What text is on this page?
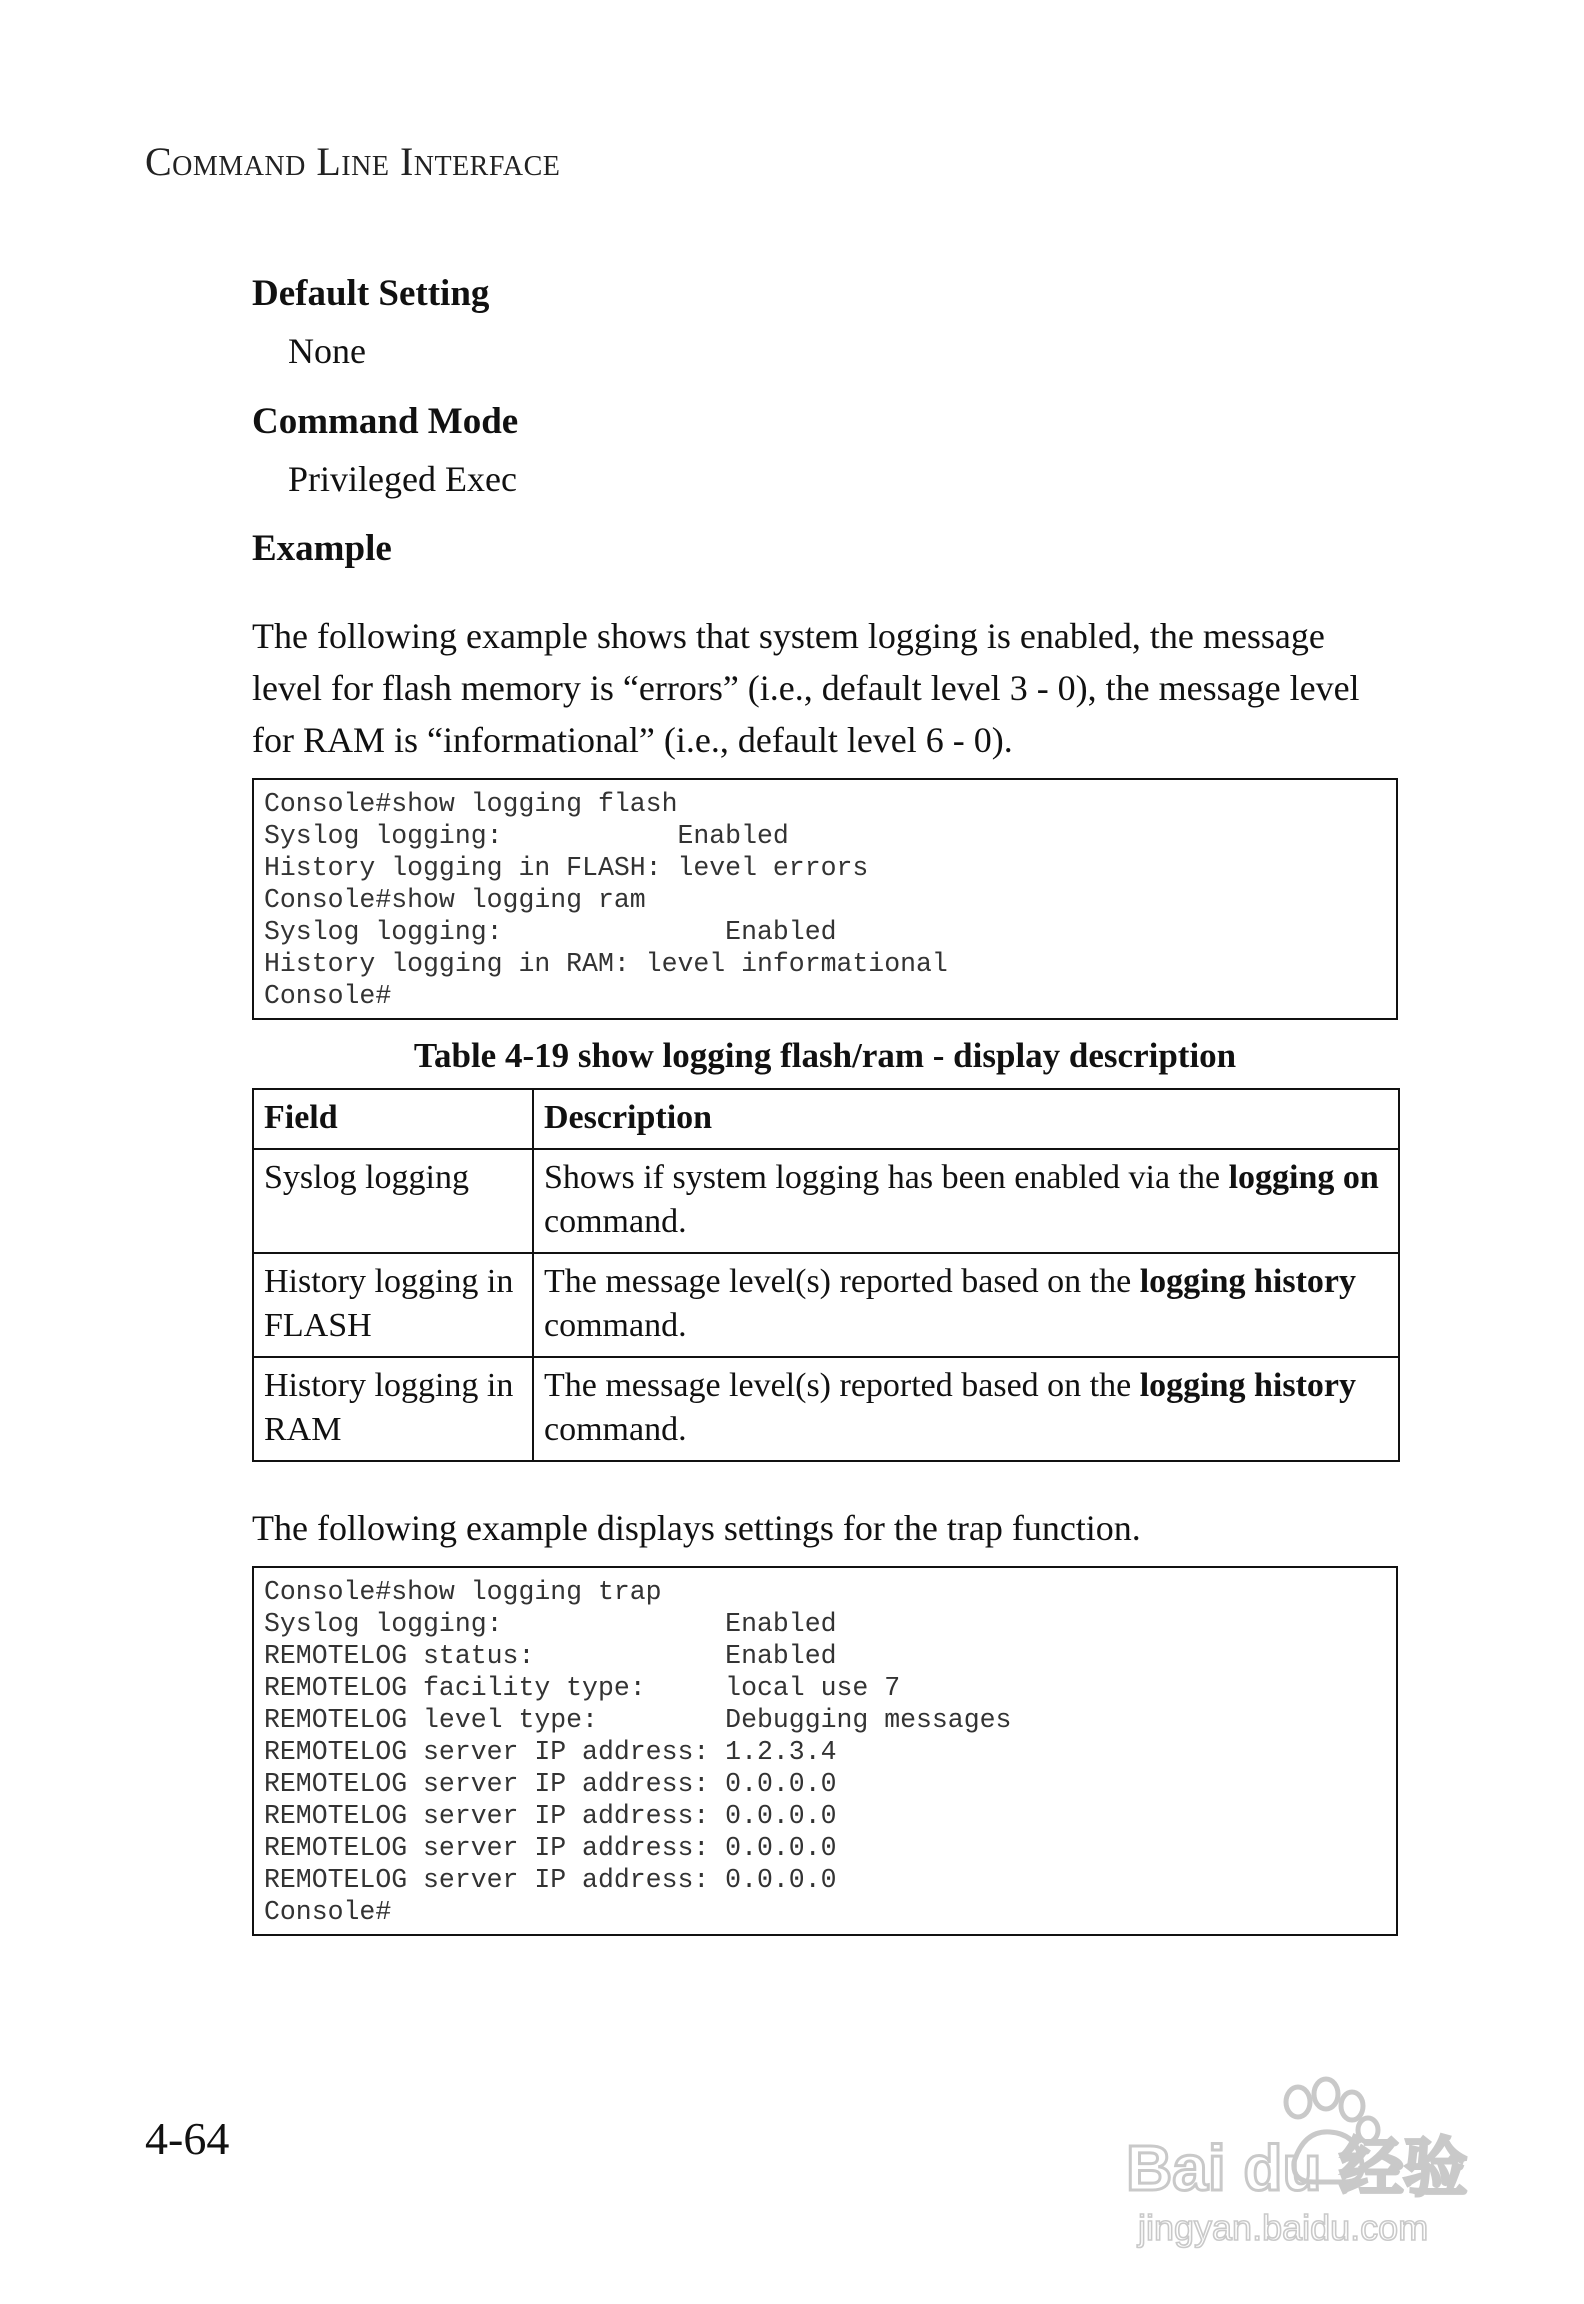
Command Line Interface

Default Setting

None

Command Mode

Privileged Exec

Example

The following example shows that system logging is enabled, the message level for flash memory is “errors” (i.e., default level 3 - 0), the message level for RAM is “informational” (i.e., default level 6 - 0).

Console#show logging flash
Syslog logging:           Enabled
History logging in FLASH: level errors
Console#show logging ram
Syslog logging:              Enabled
History logging in RAM: level informational
Console#
Table 4-19 show logging flash/ram - display description
Field	Description
Syslog logging	Shows if system logging has been enabled via the logging on command.
History logging in FLASH	The message level(s) reported based on the logging history command.
History logging in RAM	The message level(s) reported based on the logging history command.

The following example displays settings for the trap function.

Console#show logging trap
Syslog logging:              Enabled
REMOTELOG status:            Enabled
REMOTELOG facility type:     local use 7
REMOTELOG level type:        Debugging messages
REMOTELOG server IP address: 1.2.3.4
REMOTELOG server IP address: 0.0.0.0
REMOTELOG server IP address: 0.0.0.0
REMOTELOG server IP address: 0.0.0.0
REMOTELOG server IP address: 0.0.0.0
Console#
4-64	Bai du 经验
jingyan.baidu.com
